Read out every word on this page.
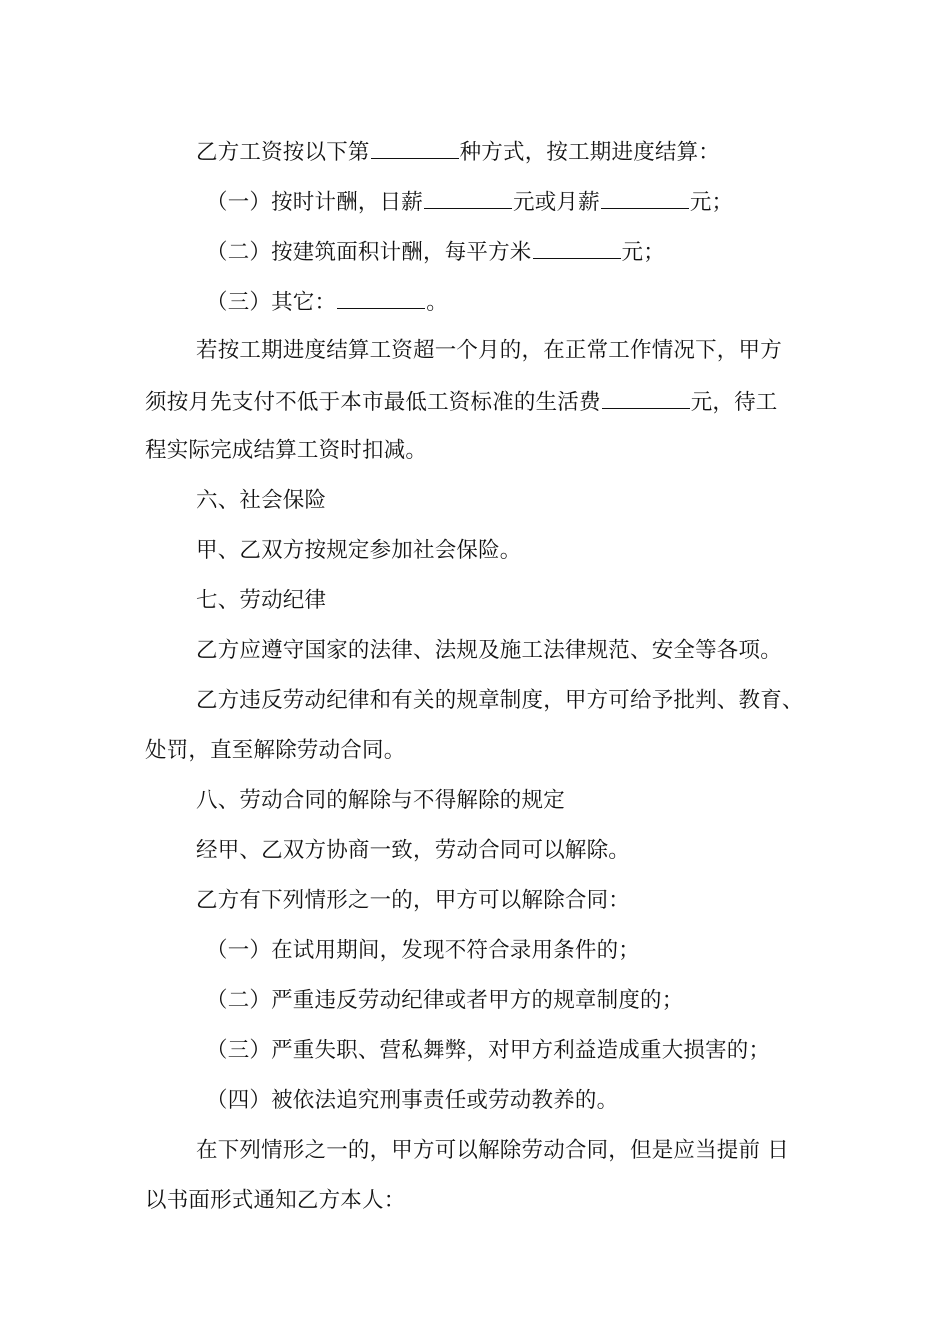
乙方工资按以下第	种方式，按工期进度结算：
（一）按时计酬，日薪	元或月薪	元；
（二）按建筑面积计酬，每平方米	元；
（三）其它：	。
若按工期进度结算工资超一个月的，在正常工作情况下，甲方
须按月先支付不低于本市最低工资标准的生活费	元，待工
程实际完成结算工资时扣减。
六、社会保险
甲、乙双方按规定参加社会保险。
七、劳动纪律
乙方应遵守国家的法律、法规及施工法律规范、安全等各项。
乙方违反劳动纪律和有关的规章制度，甲方可给予批判、教育、
处罚，直至解除劳动合同。
八、劳动合同的解除与不得解除的规定
经甲、乙双方协商一致，劳动合同可以解除。
乙方有下列情形之一的，甲方可以解除合同：
（一）在试用期间，发现不符合录用条件的；
（二）严重违反劳动纪律或者甲方的规章制度的；
（三）严重失职、营私舞弊，对甲方利益造成重大损害的；
（四）被依法追究刑事责任或劳动教养的。
在下列情形之一的，甲方可以解除劳动合同，但是应当提前 日
以书面形式通知乙方本人：
